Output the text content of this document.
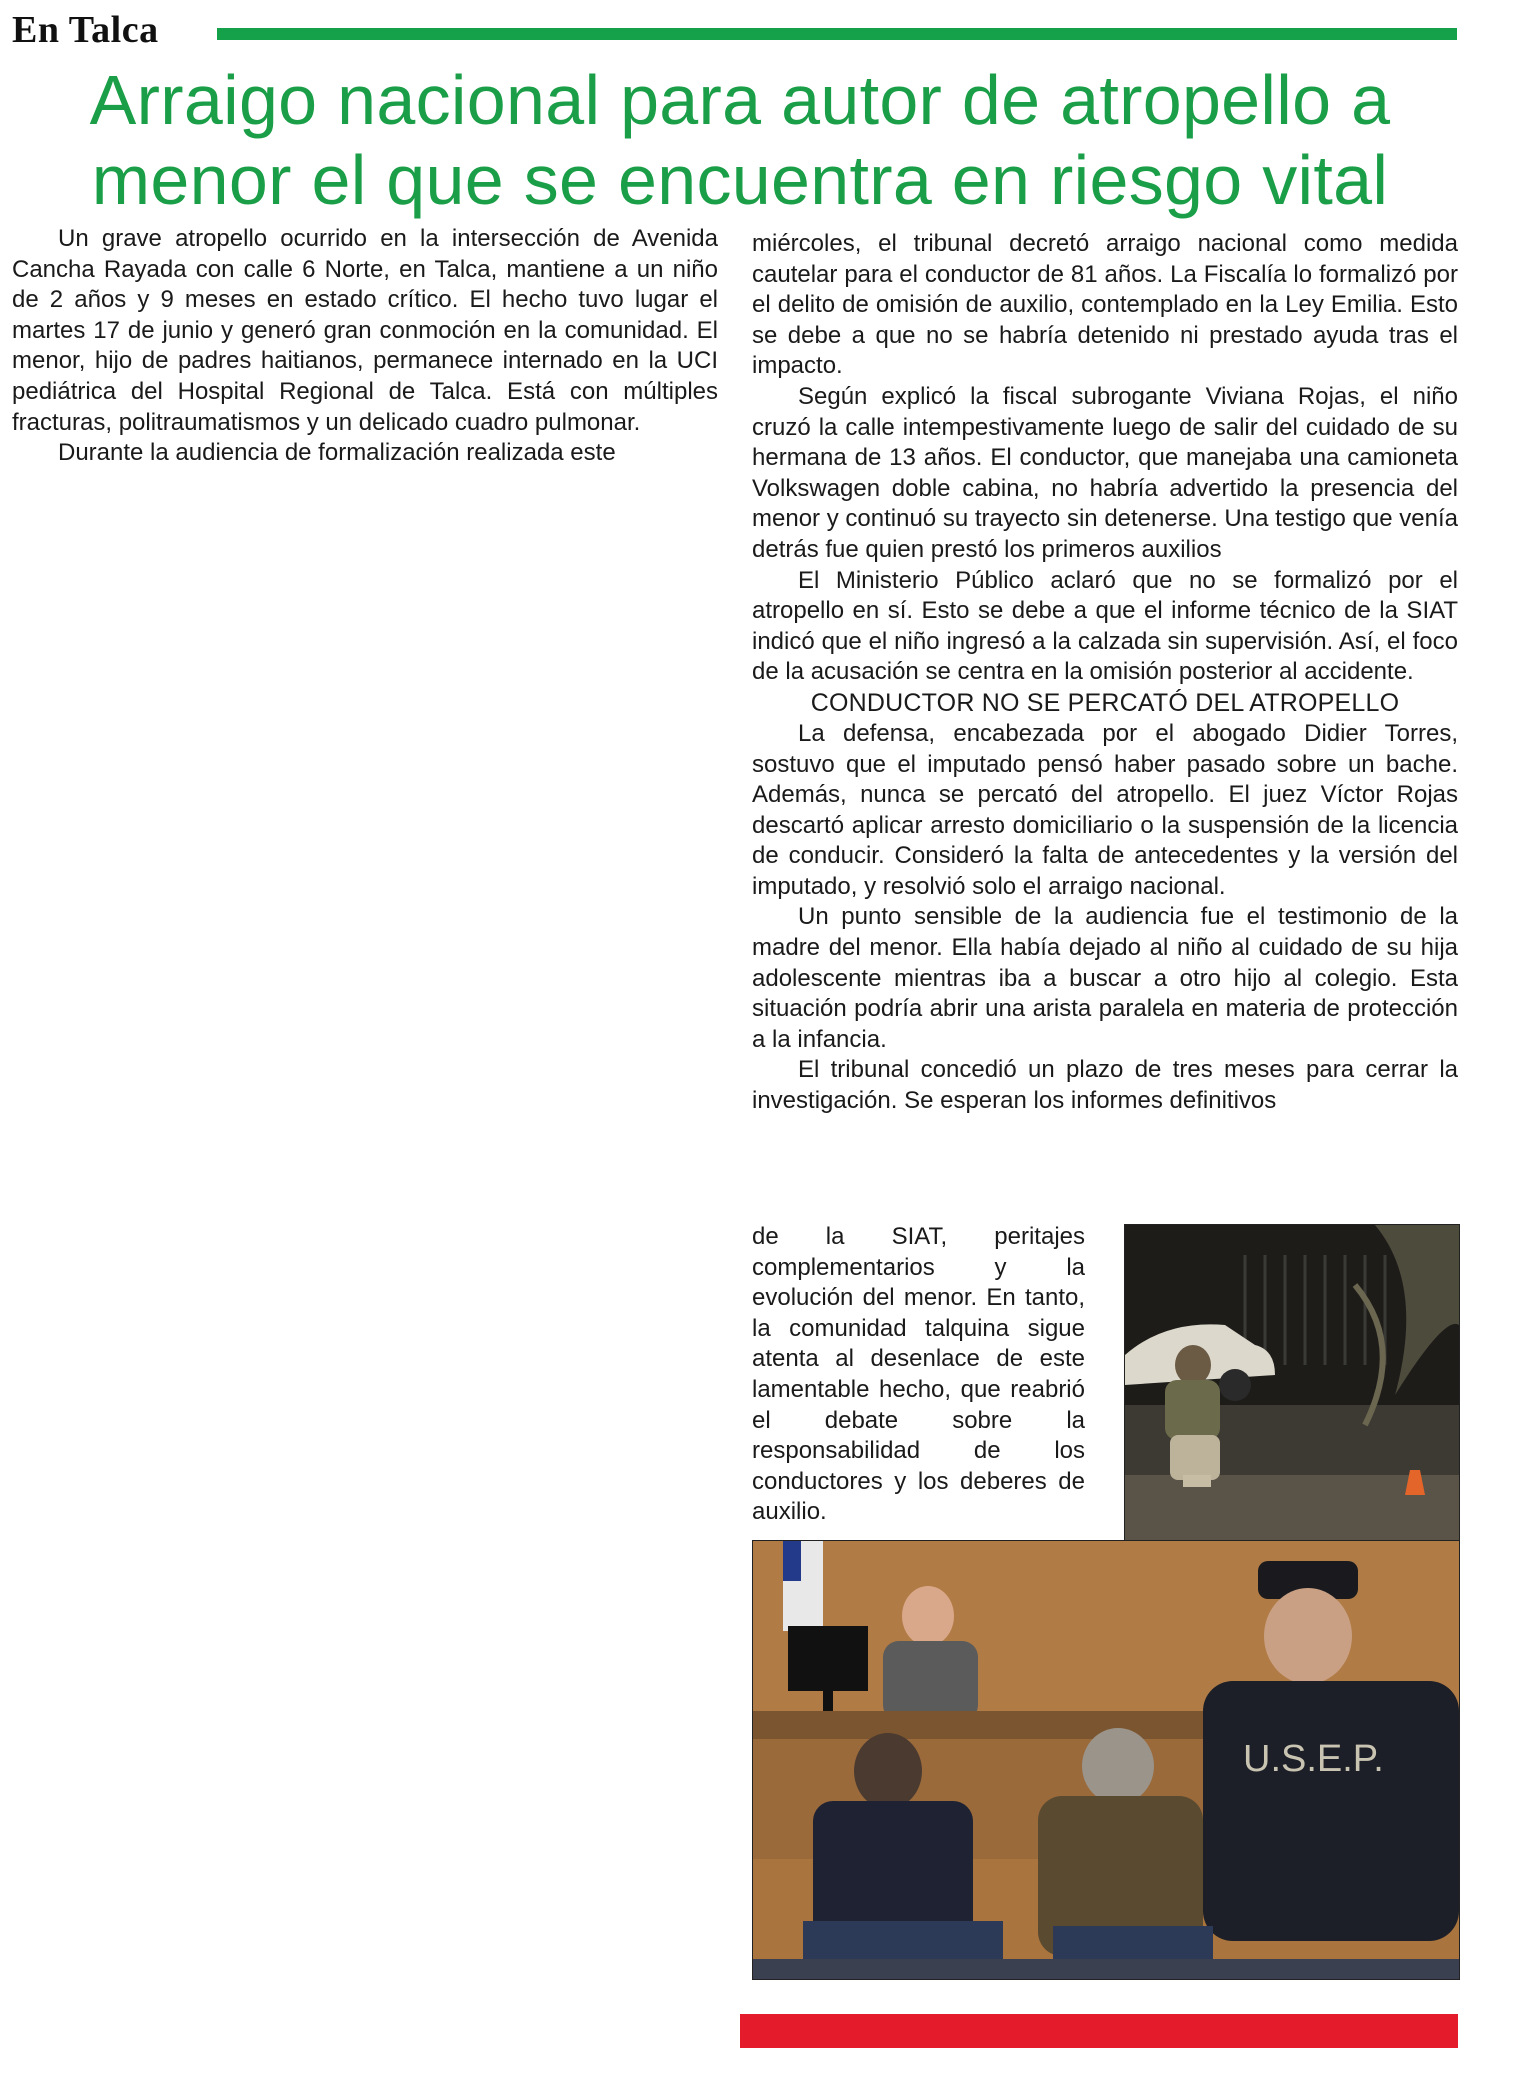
En Talca
Arraigo nacional para autor de atropello a menor el que se encuentra en riesgo vital

Un grave atropello ocurrido en la intersección de Avenida Cancha Rayada con calle 6 Norte, en Talca, mantiene a un niño de 2 años y 9 meses en estado crítico. El hecho tuvo lugar el martes 17 de junio y generó gran conmoción en la comunidad. El menor, hijo de padres haitianos, permanece internado en la UCI pediátrica del Hospital Regional de Talca. Está con múltiples fracturas, politraumatismos y un delicado cuadro pulmonar.

Durante la audiencia de formalización realizada este

miércoles, el tribunal decretó arraigo nacional como medida cautelar para el conductor de 81 años. La Fiscalía lo formalizó por el delito de omisión de auxilio, contemplado en la Ley Emilia. Esto se debe a que no se habría detenido ni prestado ayuda tras el impacto.

Según explicó la fiscal subrogante Viviana Rojas, el niño cruzó la calle intempestivamente luego de salir del cuidado de su hermana de 13 años. El conductor, que manejaba una camioneta Volkswagen doble cabina, no habría advertido la presencia del menor y continuó su trayecto sin detenerse. Una testigo que venía detrás fue quien prestó los primeros auxilios

El Ministerio Público aclaró que no se formalizó por el atropello en sí. Esto se debe a que el informe técnico de la SIAT indicó que el niño ingresó a la calzada sin supervisión. Así, el foco de la acusación se centra en la omisión posterior al accidente.

CONDUCTOR NO SE PERCATÓ DEL ATROPELLO

La defensa, encabezada por el abogado Didier Torres, sostuvo que el imputado pensó haber pasado sobre un bache. Además, nunca se percató del atropello. El juez Víctor Rojas descartó aplicar arresto domiciliario o la suspensión de la licencia de conducir. Consideró la falta de antecedentes y la versión del imputado, y resolvió solo el arraigo nacional.

Un punto sensible de la audiencia fue el testimonio de la madre del menor. Ella había dejado al niño al cuidado de su hija adolescente mientras iba a buscar a otro hijo al colegio. Esta situación podría abrir una arista paralela en materia de protección a la infancia.

El tribunal concedió un plazo de tres meses para cerrar la investigación. Se esperan los informes definitivos

de la SIAT, peritajes complementarios y la evolución del menor. En tanto, la comunidad talquina sigue atenta al desenlace de este lamentable hecho, que reabrió el debate sobre la responsabilidad de los conductores y los deberes de auxilio.

U.S.E.P.
